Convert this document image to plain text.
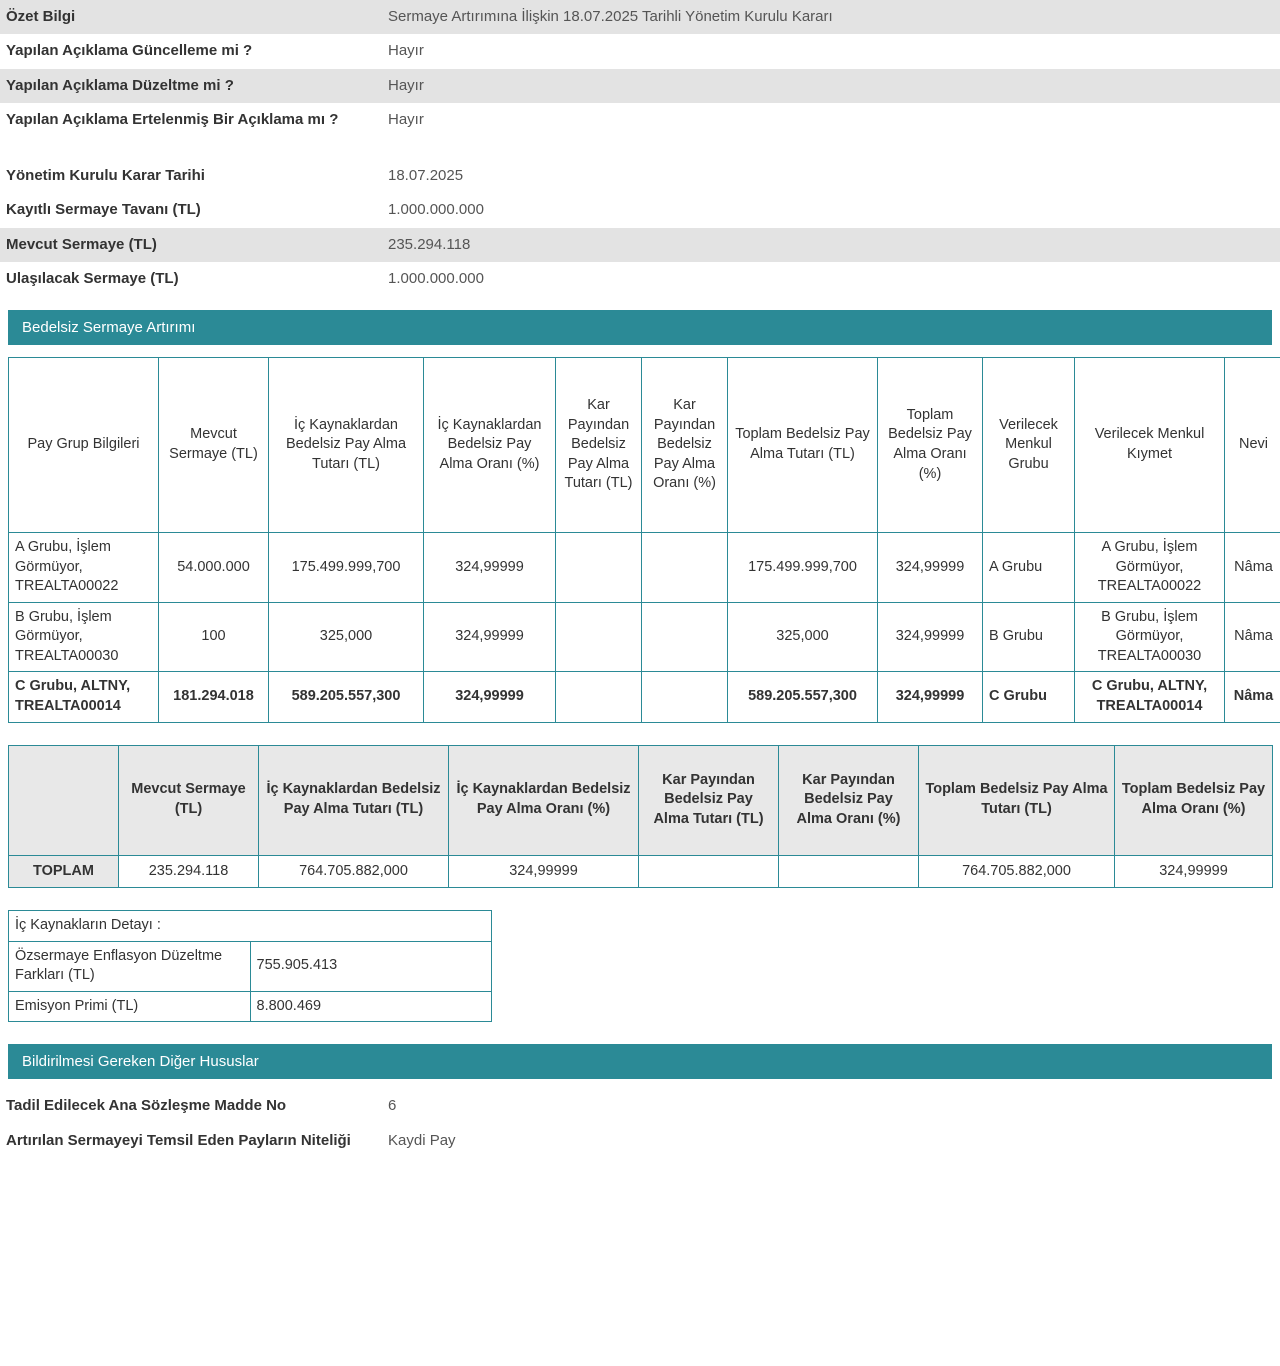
Özet Bilgi	Sermaye Artırımına İlişkin 18.07.2025 Tarihli Yönetim Kurulu Kararı
Yapılan Açıklama Güncelleme mi ?	Hayır
Yapılan Açıklama Düzeltme mi ?	Hayır
Yapılan Açıklama Ertelenmiş Bir Açıklama mı ?	Hayır
Yönetim Kurulu Karar Tarihi	18.07.2025
Kayıtlı Sermaye Tavanı (TL)	1.000.000.000
Mevcut Sermaye (TL)	235.294.118
Ulaşılacak Sermaye (TL)	1.000.000.000
Bedelsiz Sermaye Artırımı
Pay Grup Bilgileri	Mevcut Sermaye (TL)	İç Kaynaklardan Bedelsiz Pay Alma Tutarı (TL)	İç Kaynaklardan Bedelsiz Pay Alma Oranı (%)	Kar Payından Bedelsiz Pay Alma Tutarı (TL)	Kar Payından Bedelsiz Pay Alma Oranı (%)	Toplam Bedelsiz Pay Alma Tutarı (TL)	Toplam Bedelsiz Pay Alma Oranı (%)	Verilecek Menkul Grubu	Verilecek Menkul Kıymet	Nevi
A Grubu, İşlem Görmüyor, TREALTA00022	54.000.000	175.499.999,700	324,99999			175.499.999,700	324,99999	A Grubu	A Grubu, İşlem Görmüyor, TREALTA00022	Nâma
B Grubu, İşlem Görmüyor, TREALTA00030	100	325,000	324,99999			325,000	324,99999	B Grubu	B Grubu, İşlem Görmüyor, TREALTA00030	Nâma
C Grubu, ALTNY, TREALTA00014	181.294.018	589.205.557,300	324,99999			589.205.557,300	324,99999	C Grubu	C Grubu, ALTNY, TREALTA00014	Nâma
	Mevcut Sermaye (TL)	İç Kaynaklardan Bedelsiz Pay Alma Tutarı (TL)	İç Kaynaklardan Bedelsiz Pay Alma Oranı (%)	Kar Payından Bedelsiz Pay Alma Tutarı (TL)	Kar Payından Bedelsiz Pay Alma Oranı (%)	Toplam Bedelsiz Pay Alma Tutarı (TL)	Toplam Bedelsiz Pay Alma Oranı (%)
TOPLAM	235.294.118	764.705.882,000	324,99999			764.705.882,000	324,99999
İç Kaynakların Detayı :	
Özsermaye Enflasyon Düzeltme Farkları (TL)	755.905.413
Emisyon Primi (TL)	8.800.469
Bildirilmesi Gereken Diğer Hususlar
Tadil Edilecek Ana Sözleşme Madde No	6
Artırılan Sermayeyi Temsil Eden Payların Niteliği	Kaydi Pay
